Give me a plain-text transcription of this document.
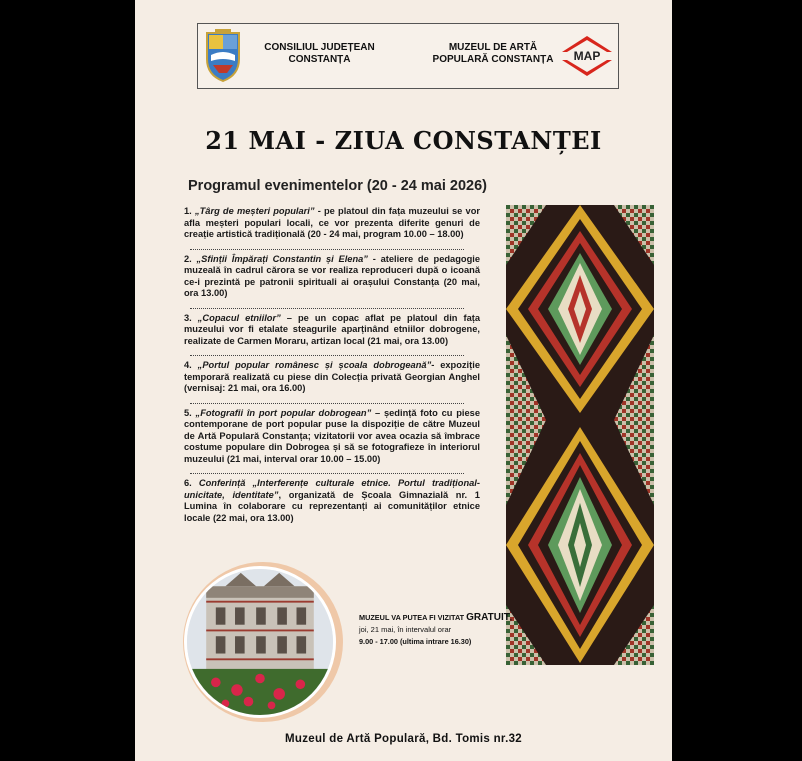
CONSILIUL JUDEȚEAN CONSTANȚA
MUZEUL DE ARTĂ POPULARĂ CONSTANȚA	MAP
21 MAI - ZIUA CONSTANȚEI
Programul evenimentelor (20 - 24 mai 2026)
1. „Târg de meșteri populari” - pe platoul din fața muzeului se vor afla meșteri populari locali, ce vor prezenta diferite genuri de creație artistică tradițională (20 - 24 mai, program 10.00 – 18.00)
2. „Sfinții Împărați Constantin și Elena” - ateliere de pedagogie muzeală în cadrul cărora se vor realiza reproduceri după o icoană ce-i prezintă pe patronii spirituali ai orașului Constanța (20 mai, ora 13.00)
3. „Copacul etniilor” – pe un copac aflat pe platoul din fața muzeului vor fi etalate steagurile aparținând etniilor dobrogene, realizate de Carmen Moraru, artizan local (21 mai, ora 13.00)
4. „Portul popular românesc și școala dobrogeană”- expoziție temporară realizată cu piese din Colecția privată Georgian Anghel (vernisaj: 21 mai, ora 16.00)
5. „Fotografii în port popular dobrogean” – ședință foto cu piese contemporane de port popular puse la dispoziție de către Muzeul de Artă Populară Constanța; vizitatorii vor avea ocazia să îmbrace costume populare din Dobrogea și să se fotografieze în interiorul muzeului (21 mai, interval orar 10.00 – 15.00)
6. Conferință „Interferențe culturale etnice. Portul tradițional-unicitate, identitate”, organizată de Școala Gimnazială nr. 1 Lumina în colaborare cu reprezentanți ai comunităților etnice locale (22 mai, ora 13.00)
MUZEUL VA PUTEA FI VIZITAT GRATUIT,
joi, 21 mai, în intervalul orar
9.00 - 17.00 (ultima intrare 16.30)
Muzeul de Artă Populară, Bd. Tomis nr.32
